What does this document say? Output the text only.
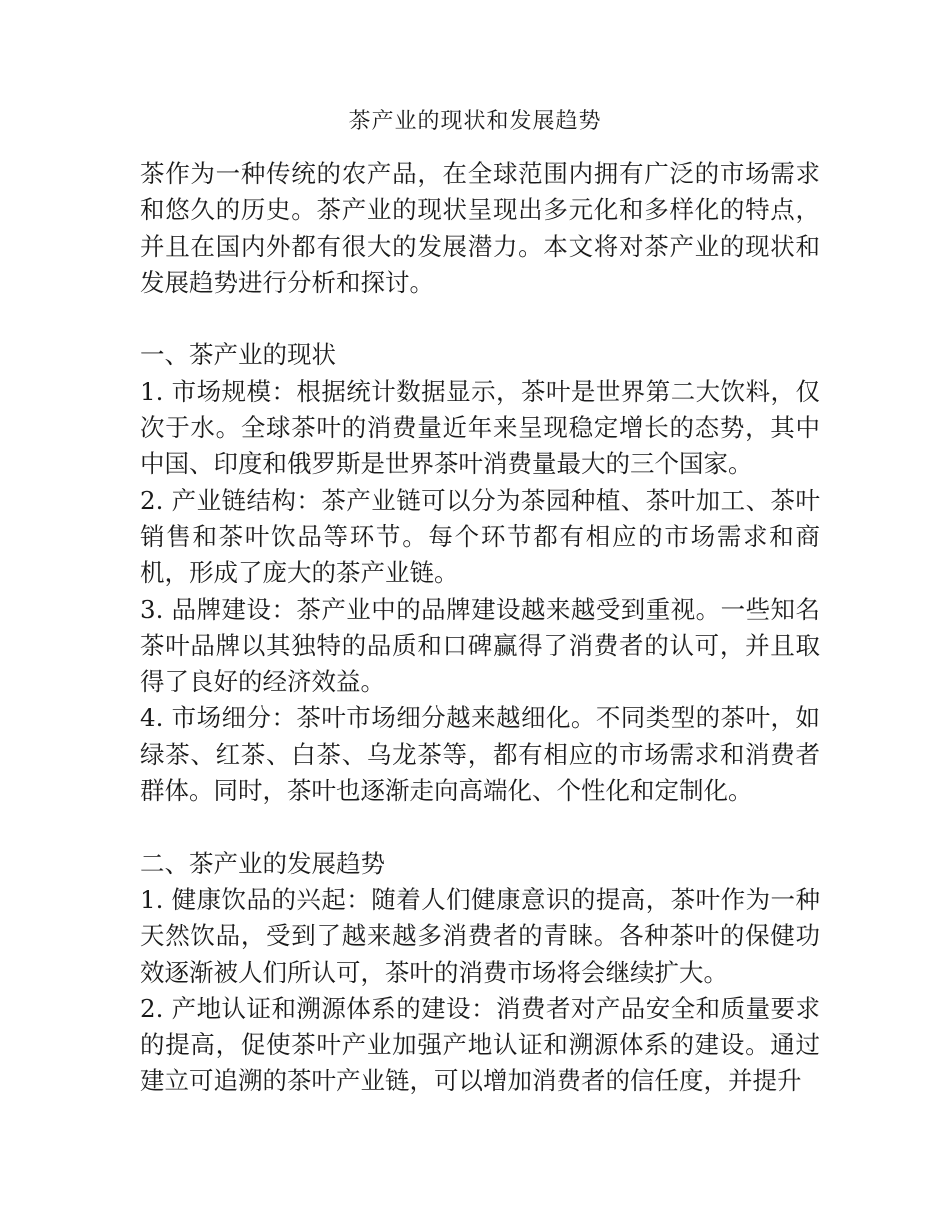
茶产业的现状和发展趋势

茶作为一种传统的农产品，在全球范围内拥有广泛的市场需求和悠久的历史。茶产业的现状呈现出多元化和多样化的特点，并且在国内外都有很大的发展潜力。本文将对茶产业的现状和发展趋势进行分析和探讨。

一、茶产业的现状

1. 市场规模：根据统计数据显示，茶叶是世界第二大饮料，仅次于水。全球茶叶的消费量近年来呈现稳定增长的态势，其中中国、印度和俄罗斯是世界茶叶消费量最大的三个国家。

2. 产业链结构：茶产业链可以分为茶园种植、茶叶加工、茶叶销售和茶叶饮品等环节。每个环节都有相应的市场需求和商机，形成了庞大的茶产业链。

3. 品牌建设：茶产业中的品牌建设越来越受到重视。一些知名茶叶品牌以其独特的品质和口碑赢得了消费者的认可，并且取得了良好的经济效益。

4. 市场细分：茶叶市场细分越来越细化。不同类型的茶叶，如绿茶、红茶、白茶、乌龙茶等，都有相应的市场需求和消费者群体。同时，茶叶也逐渐走向高端化、个性化和定制化。

二、茶产业的发展趋势

1. 健康饮品的兴起：随着人们健康意识的提高，茶叶作为一种天然饮品，受到了越来越多消费者的青睐。各种茶叶的保健功效逐渐被人们所认可，茶叶的消费市场将会继续扩大。

2. 产地认证和溯源体系的建设：消费者对产品安全和质量要求的提高，促使茶叶产业加强产地认证和溯源体系的建设。通过建立可追溯的茶叶产业链，可以增加消费者的信任度，并提升
